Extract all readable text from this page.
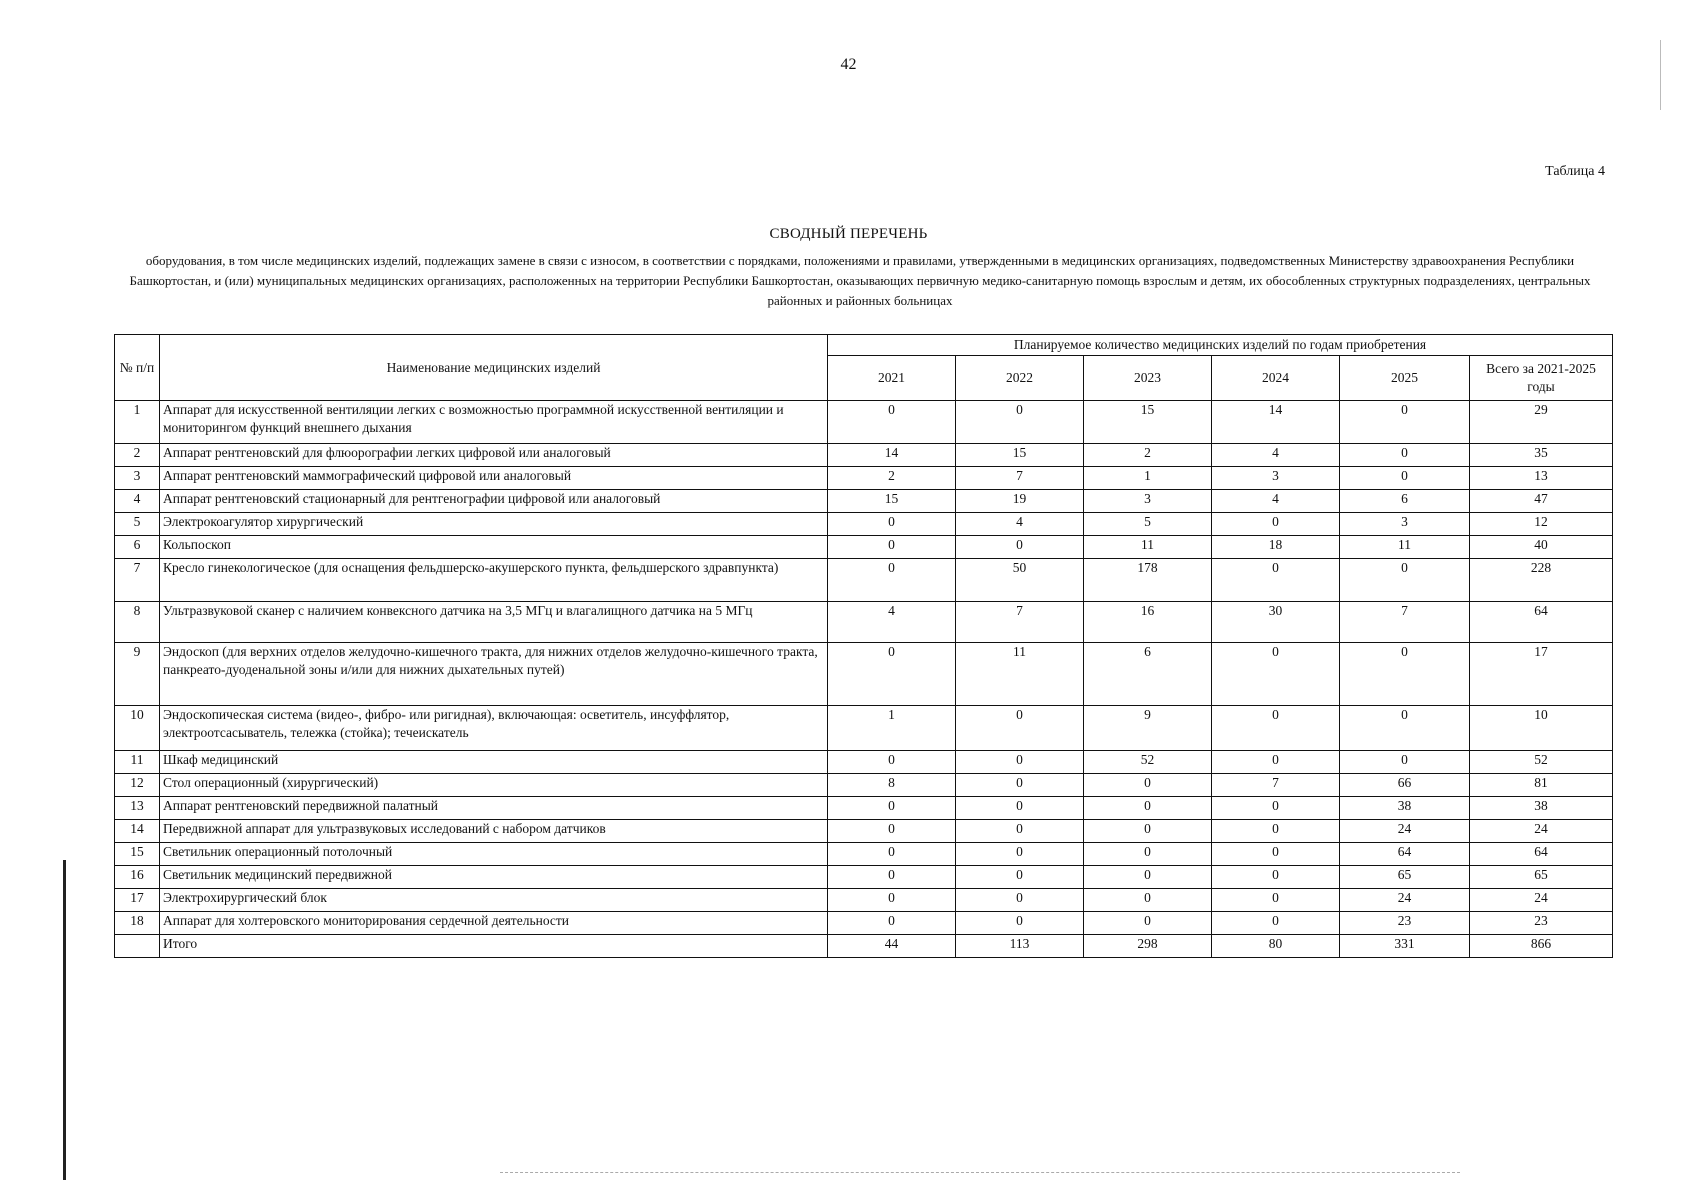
42
Таблица 4
СВОДНЫЙ ПЕРЕЧЕНЬ
оборудования, в том числе медицинских изделий, подлежащих замене в связи с износом, в соответствии с порядками, положениями и правилами, утвержденными в медицинских организациях, подведомственных Министерству здравоохранения Республики Башкортостан, и (или) муниципальных медицинских организациях, расположенных на территории Республики Башкортостан, оказывающих первичную медико-санитарную помощь взрослым и детям, их обособленных структурных подразделениях, центральных районных и районных больницах
№ п/п	Наименование медицинских изделий	Планируемое количество медицинских изделий по годам приобретения					
		2021	2022	2023	2024	2025	Всего за 2021-2025 годы
1	Аппарат для искусственной вентиляции легких с возможностью программной искусственной вентиляции и мониторингом функций внешнего дыхания	0	0	15	14	0	29
2	Аппарат рентгеновский для флюорографии легких цифровой или аналоговый	14	15	2	4	0	35
3	Аппарат рентгеновский маммографический цифровой или аналоговый	2	7	1	3	0	13
4	Аппарат рентгеновский стационарный для рентгенографии цифровой или аналоговый	15	19	3	4	6	47
5	Электрокоагулятор хирургический	0	4	5	0	3	12
6	Кольпоскоп	0	0	11	18	11	40
7	Кресло гинекологическое (для оснащения фельдшерско-акушерского пункта, фельдшерского здравпункта)	0	50	178	0	0	228
8	Ультразвуковой сканер с наличием конвексного датчика на 3,5 МГц и влагалищного датчика на 5 МГц	4	7	16	30	7	64
9	Эндоскоп (для верхних отделов желудочно-кишечного тракта, для нижних отделов желудочно-кишечного тракта, панкреато-дуоденальной зоны и/или для нижних дыхательных путей)	0	11	6	0	0	17
10	Эндоскопическая система (видео-, фибро- или ригидная), включающая: осветитель, инсуффлятор, электроотсасыватель, тележка (стойка); течеискатель	1	0	9	0	0	10
11	Шкаф медицинский	0	0	52	0	0	52
12	Стол операционный (хирургический)	8	0	0	7	66	81
13	Аппарат рентгеновский передвижной палатный	0	0	0	0	38	38
14	Передвижной аппарат для ультразвуковых исследований с набором датчиков	0	0	0	0	24	24
15	Светильник операционный потолочный	0	0	0	0	64	64
16	Светильник медицинский передвижной	0	0	0	0	65	65
17	Электрохирургический блок	0	0	0	0	24	24
18	Аппарат для холтеровского мониторирования сердечной деятельности	0	0	0	0	23	23
	Итого	44	113	298	80	331	866
